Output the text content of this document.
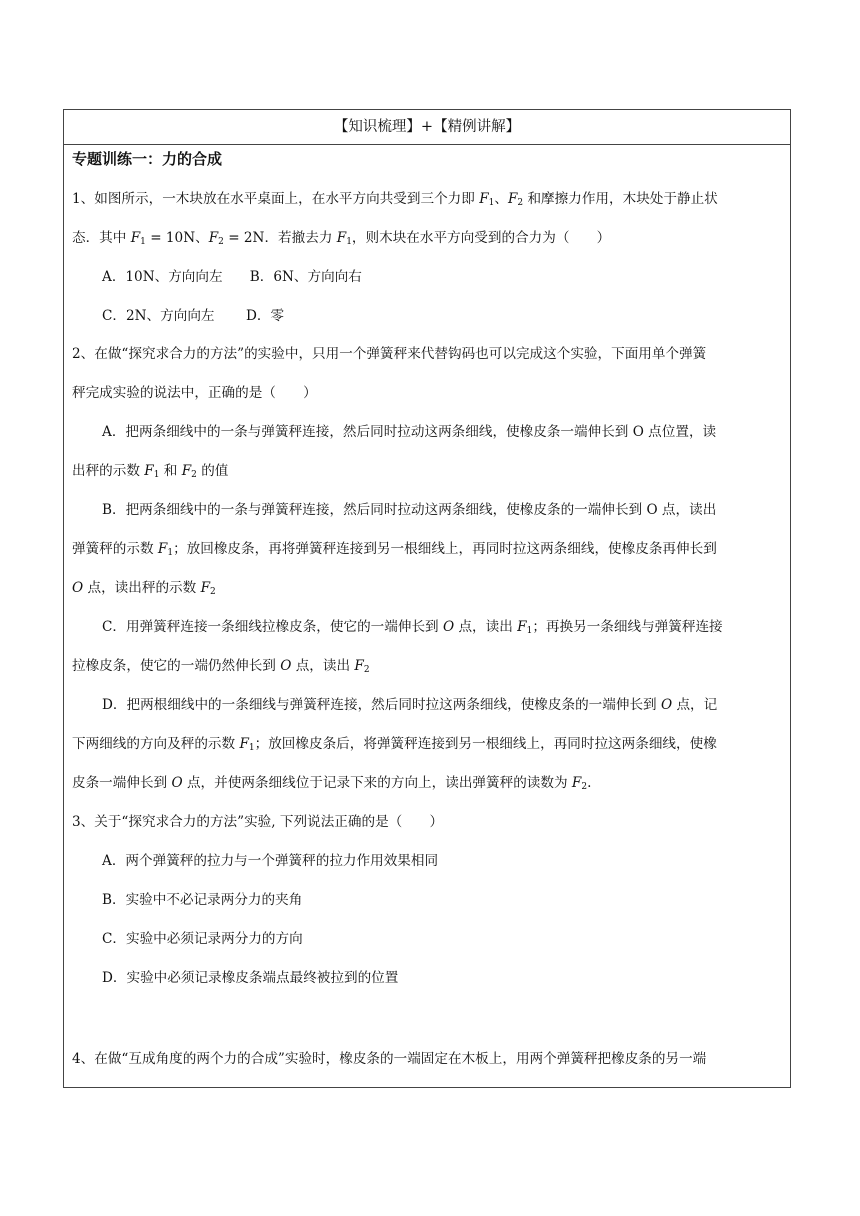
【知识梳理】+【精例讲解】
专题训练一：力的合成
1、如图所示，一木块放在水平桌面上，在水平方向共受到三个力即 $F_1$、$F_2$ 和摩擦力作用，木块处于静止状
态．其中 $F_1 = 10N$、$F_2 = 2N$．若撤去力 $F_1$，则木块在水平方向受到的合力为（　　）
A．10N、方向向左　　B．6N、方向向右
C．2N、方向向左　　 D．零
2、在做“探究求合力的方法”的实验中，只用一个弹簧秤来代替钩码也可以完成这个实验，下面用单个弹簧
秤完成实验的说法中，正确的是（　　）
A．把两条细线中的一条与弹簧秤连接，然后同时拉动这两条细线，使橡皮条一端伸长到 O 点位置，读
出秤的示数 $F_1$ 和 $F_2$ 的值
B．把两条细线中的一条与弹簧秤连接，然后同时拉动这两条细线，使橡皮条的一端伸长到 O 点，读出
弹簧秤的示数 $F_1$；放回橡皮条，再将弹簧秤连接到另一根细线上，再同时拉这两条细线，使橡皮条再伸长到
O 点，读出秤的示数 $F_2$
C．用弹簧秤连接一条细线拉橡皮条，使它的一端伸长到 O 点，读出 $F_1$；再换另一条细线与弹簧秤连接
拉橡皮条，使它的一端仍然伸长到 O 点，读出 $F_2$
D．把两根细线中的一条细线与弹簧秤连接，然后同时拉这两条细线，使橡皮条的一端伸长到 O 点，记
下两细线的方向及秤的示数 $F_1$；放回橡皮条后，将弹簧秤连接到另一根细线上，再同时拉这两条细线，使橡
皮条一端伸长到 O 点，并使两条细线位于记录下来的方向上，读出弹簧秤的读数为 $F_2$.
3、关于“探究求合力的方法”实验, 下列说法正确的是（　　）
A．两个弹簧秤的拉力与一个弹簧秤的拉力作用效果相同
B．实验中不必记录两分力的夹角
C．实验中必须记录两分力的方向
D．实验中必须记录橡皮条端点最终被拉到的位置
4、在做“互成角度的两个力的合成”实验时，橡皮条的一端固定在木板上，用两个弹簧秤把橡皮条的另一端
